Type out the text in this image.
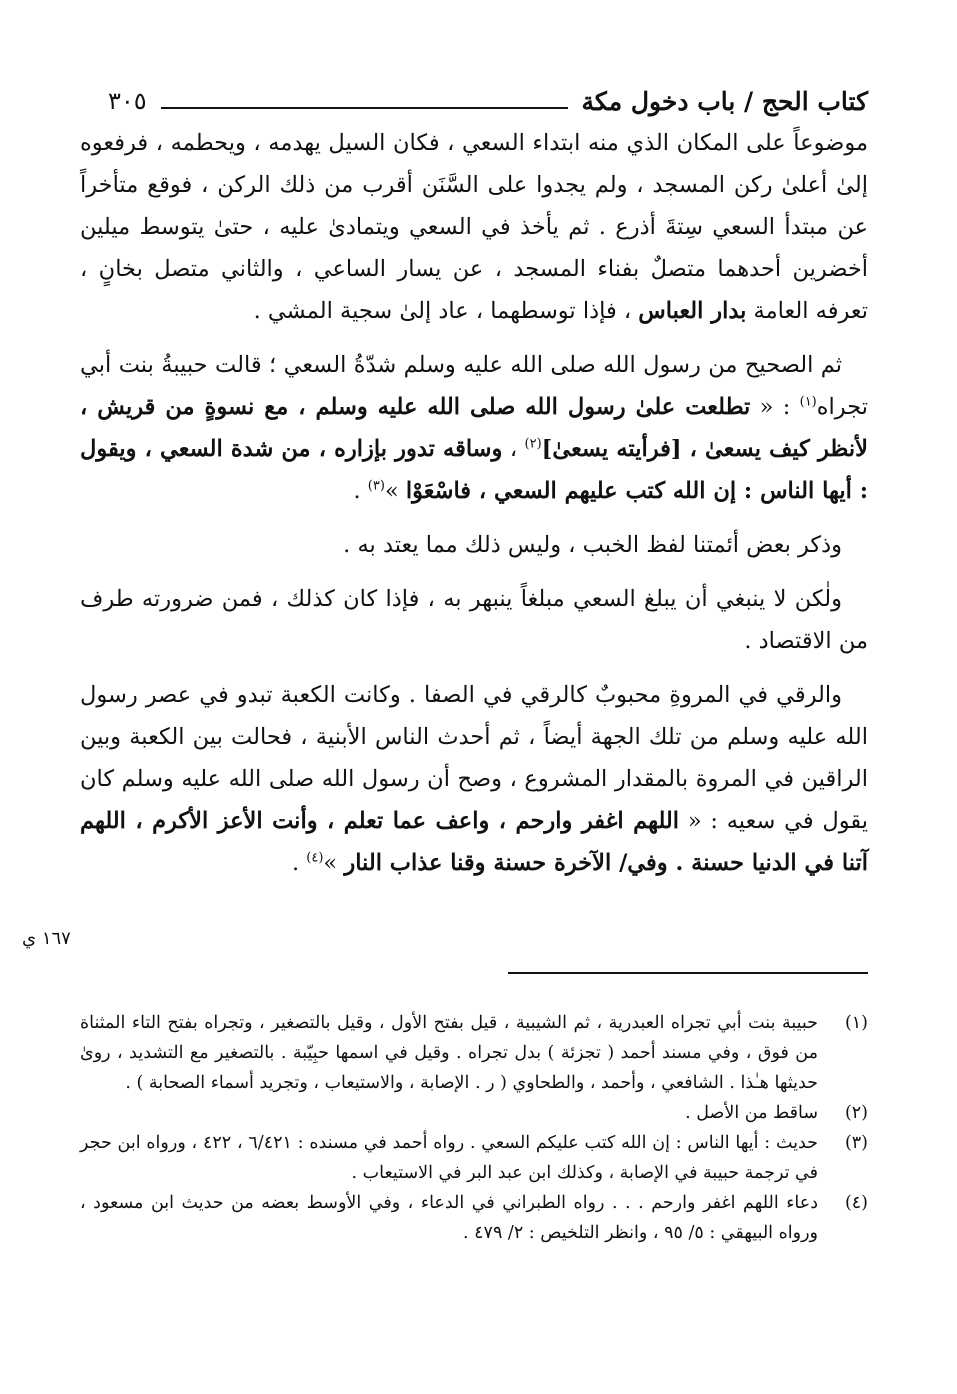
كتاب الحج / باب دخول مكة
٣٠٥
موضوعاً على المكان الذي منه ابتداء السعي ، فكان السيل يهدمه ، ويحطمه ، فرفعوه إلىٰ أعلىٰ ركن المسجد ، ولم يجدوا على السَّنَن أقرب من ذلك الركن ، فوقع متأخراً عن مبتدأ السعي سِتةَ أذرع . ثم يأخذ في السعي ويتمادىٰ عليه ، حتىٰ يتوسط ميلين أخضرين أحدهما متصلٌ بفناء المسجد ، عن يسار الساعي ، والثاني متصل بخانٍ ، تعرفه العامة بدار العباس ، فإذا توسطهما ، عاد إلىٰ سجية المشي .
ثم الصحيح من رسول الله صلى الله عليه وسلم شدّةُ السعي ؛ قالت حبيبةُ بنت أبي تجراه$^{(١)}$ : « تطلعت علىٰ رسول الله صلى الله عليه وسلم ، مع نسوةٍ من قريش ، لأنظر كيف يسعىٰ ، [فرأيته يسعىٰ]$^{(٢)}$ ، وساقه تدور بإزاره ، من شدة السعي ، ويقول : أيها الناس : إن الله كتب عليهم السعي ، فاسْعَوْا »$^{(٣)}$ .
وذكر بعض أئمتنا لفظ الخبب ، وليس ذلك مما يعتد به .
ولٰكن لا ينبغي أن يبلغ السعي مبلغاً ينبهر به ، فإذا كان كذلك ، فمن ضرورته طرف من الاقتصاد .
والرقي في المروةِ محبوبٌ كالرقي في الصفا . وكانت الكعبة تبدو في عصر رسول الله عليه وسلم من تلك الجهة أيضاً ، ثم أحدث الناس الأبنية ، فحالت بين الكعبة وبين الراقين في المروة بالمقدار المشروع ، وصح أن رسول الله صلى الله عليه وسلم كان يقول في سعيه : « اللهم اغفر وارحم ، واعف عما تعلم ، وأنت الأعز الأكرم ، اللهم آتنا في الدنيا حسنة . وفي/ الآخرة حسنة وقنا عذاب النار »$^{(٤)}$ .
١٦٧ ي
(١)
حبيبة بنت أبي تجراه العبدرية ، ثم الشيبية ، قيل بفتح الأول ، وقيل بالتصغير ، وتجراه بفتح التاء المثناة من فوق ، وفي مسند أحمد ( تجزئة ) بدل تجراه . وقيل في اسمها حبِيّبة . بالتصغير مع التشديد ، روىٰ حديثها هـٰذا . الشافعي ، وأحمد ، والطحاوي ( ر . الإصابة ، والاستيعاب ، وتجريد أسماء الصحابة ) .
(٢)
ساقط من الأصل .
(٣)
حديث : أيها الناس : إن الله كتب عليكم السعي . رواه أحمد في مسنده : ٦/٤٢١ ، ٤٢٢ ، ورواه ابن حجر في ترجمة حبيبة في الإصابة ، وكذلك ابن عبد البر في الاستيعاب .
(٤)
دعاء اللهم اغفر وارحم . . . رواه الطبراني في الدعاء ، وفي الأوسط بعضه من حديث ابن مسعود ، ورواه البيهقي : ٥/ ٩٥ ، وانظر التلخيص : ٢/ ٤٧٩ .
